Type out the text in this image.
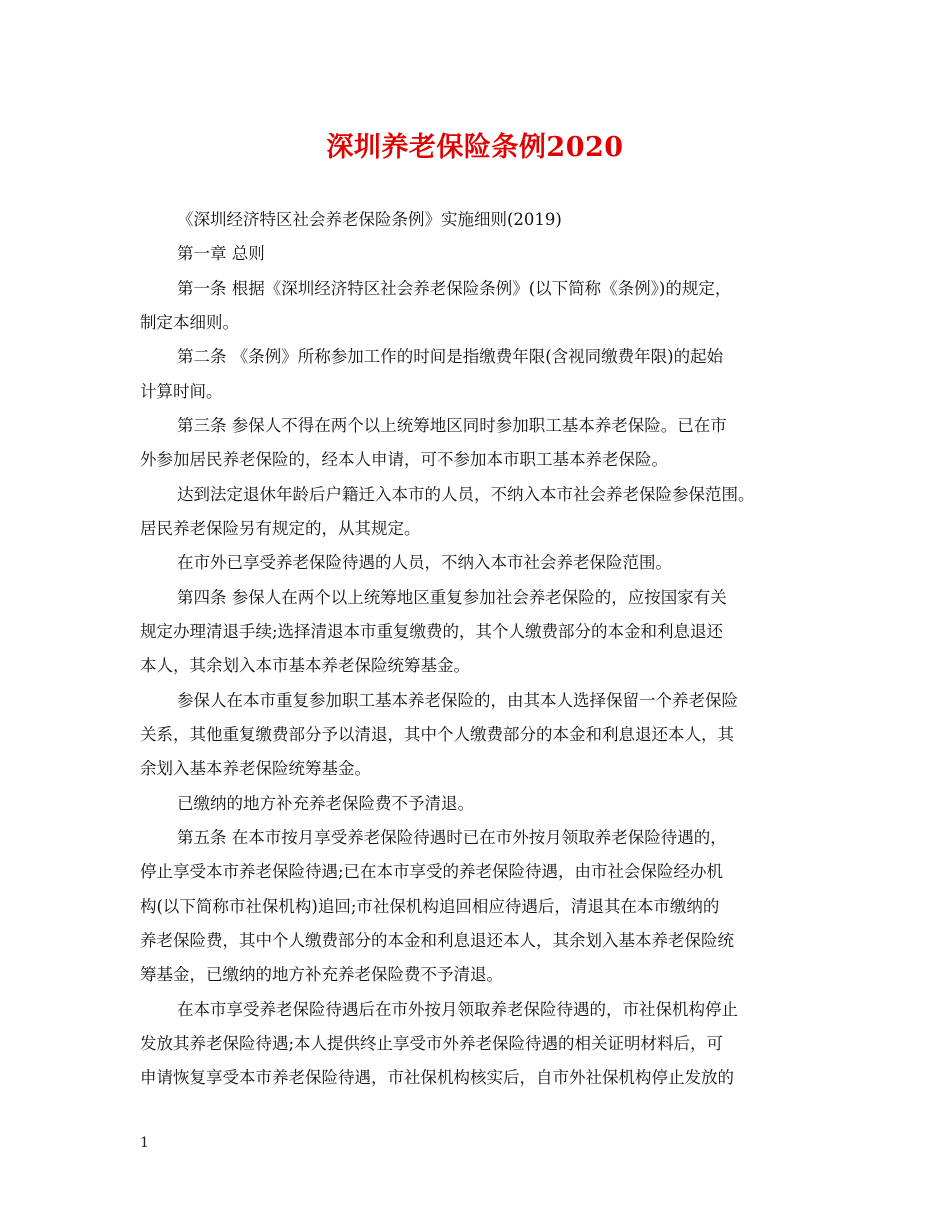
深圳养老保险条例2020
《深圳经济特区社会养老保险条例》实施细则(2019)
第一章 总则
第一条 根据《深圳经济特区社会养老保险条例》(以下简称《条例》)的规定，
制定本细则。
第二条 《条例》所称参加工作的时间是指缴费年限(含视同缴费年限)的起始
计算时间。
第三条 参保人不得在两个以上统筹地区同时参加职工基本养老保险。已在市
外参加居民养老保险的，经本人申请，可不参加本市职工基本养老保险。
达到法定退休年龄后户籍迁入本市的人员，不纳入本市社会养老保险参保范围。
居民养老保险另有规定的，从其规定。
在市外已享受养老保险待遇的人员，不纳入本市社会养老保险范围。
第四条 参保人在两个以上统筹地区重复参加社会养老保险的，应按国家有关
规定办理清退手续;选择清退本市重复缴费的，其个人缴费部分的本金和利息退还
本人，其余划入本市基本养老保险统筹基金。
参保人在本市重复参加职工基本养老保险的，由其本人选择保留一个养老保险
关系，其他重复缴费部分予以清退，其中个人缴费部分的本金和利息退还本人，其
余划入基本养老保险统筹基金。
已缴纳的地方补充养老保险费不予清退。
第五条 在本市按月享受养老保险待遇时已在市外按月领取养老保险待遇的，
停止享受本市养老保险待遇;已在本市享受的养老保险待遇，由市社会保险经办机
构(以下简称市社保机构)追回;市社保机构追回相应待遇后，清退其在本市缴纳的
养老保险费，其中个人缴费部分的本金和利息退还本人，其余划入基本养老保险统
筹基金，已缴纳的地方补充养老保险费不予清退。
在本市享受养老保险待遇后在市外按月领取养老保险待遇的，市社保机构停止
发放其养老保险待遇;本人提供终止享受市外养老保险待遇的相关证明材料后，可
申请恢复享受本市养老保险待遇，市社保机构核实后，自市外社保机构停止发放的
1
